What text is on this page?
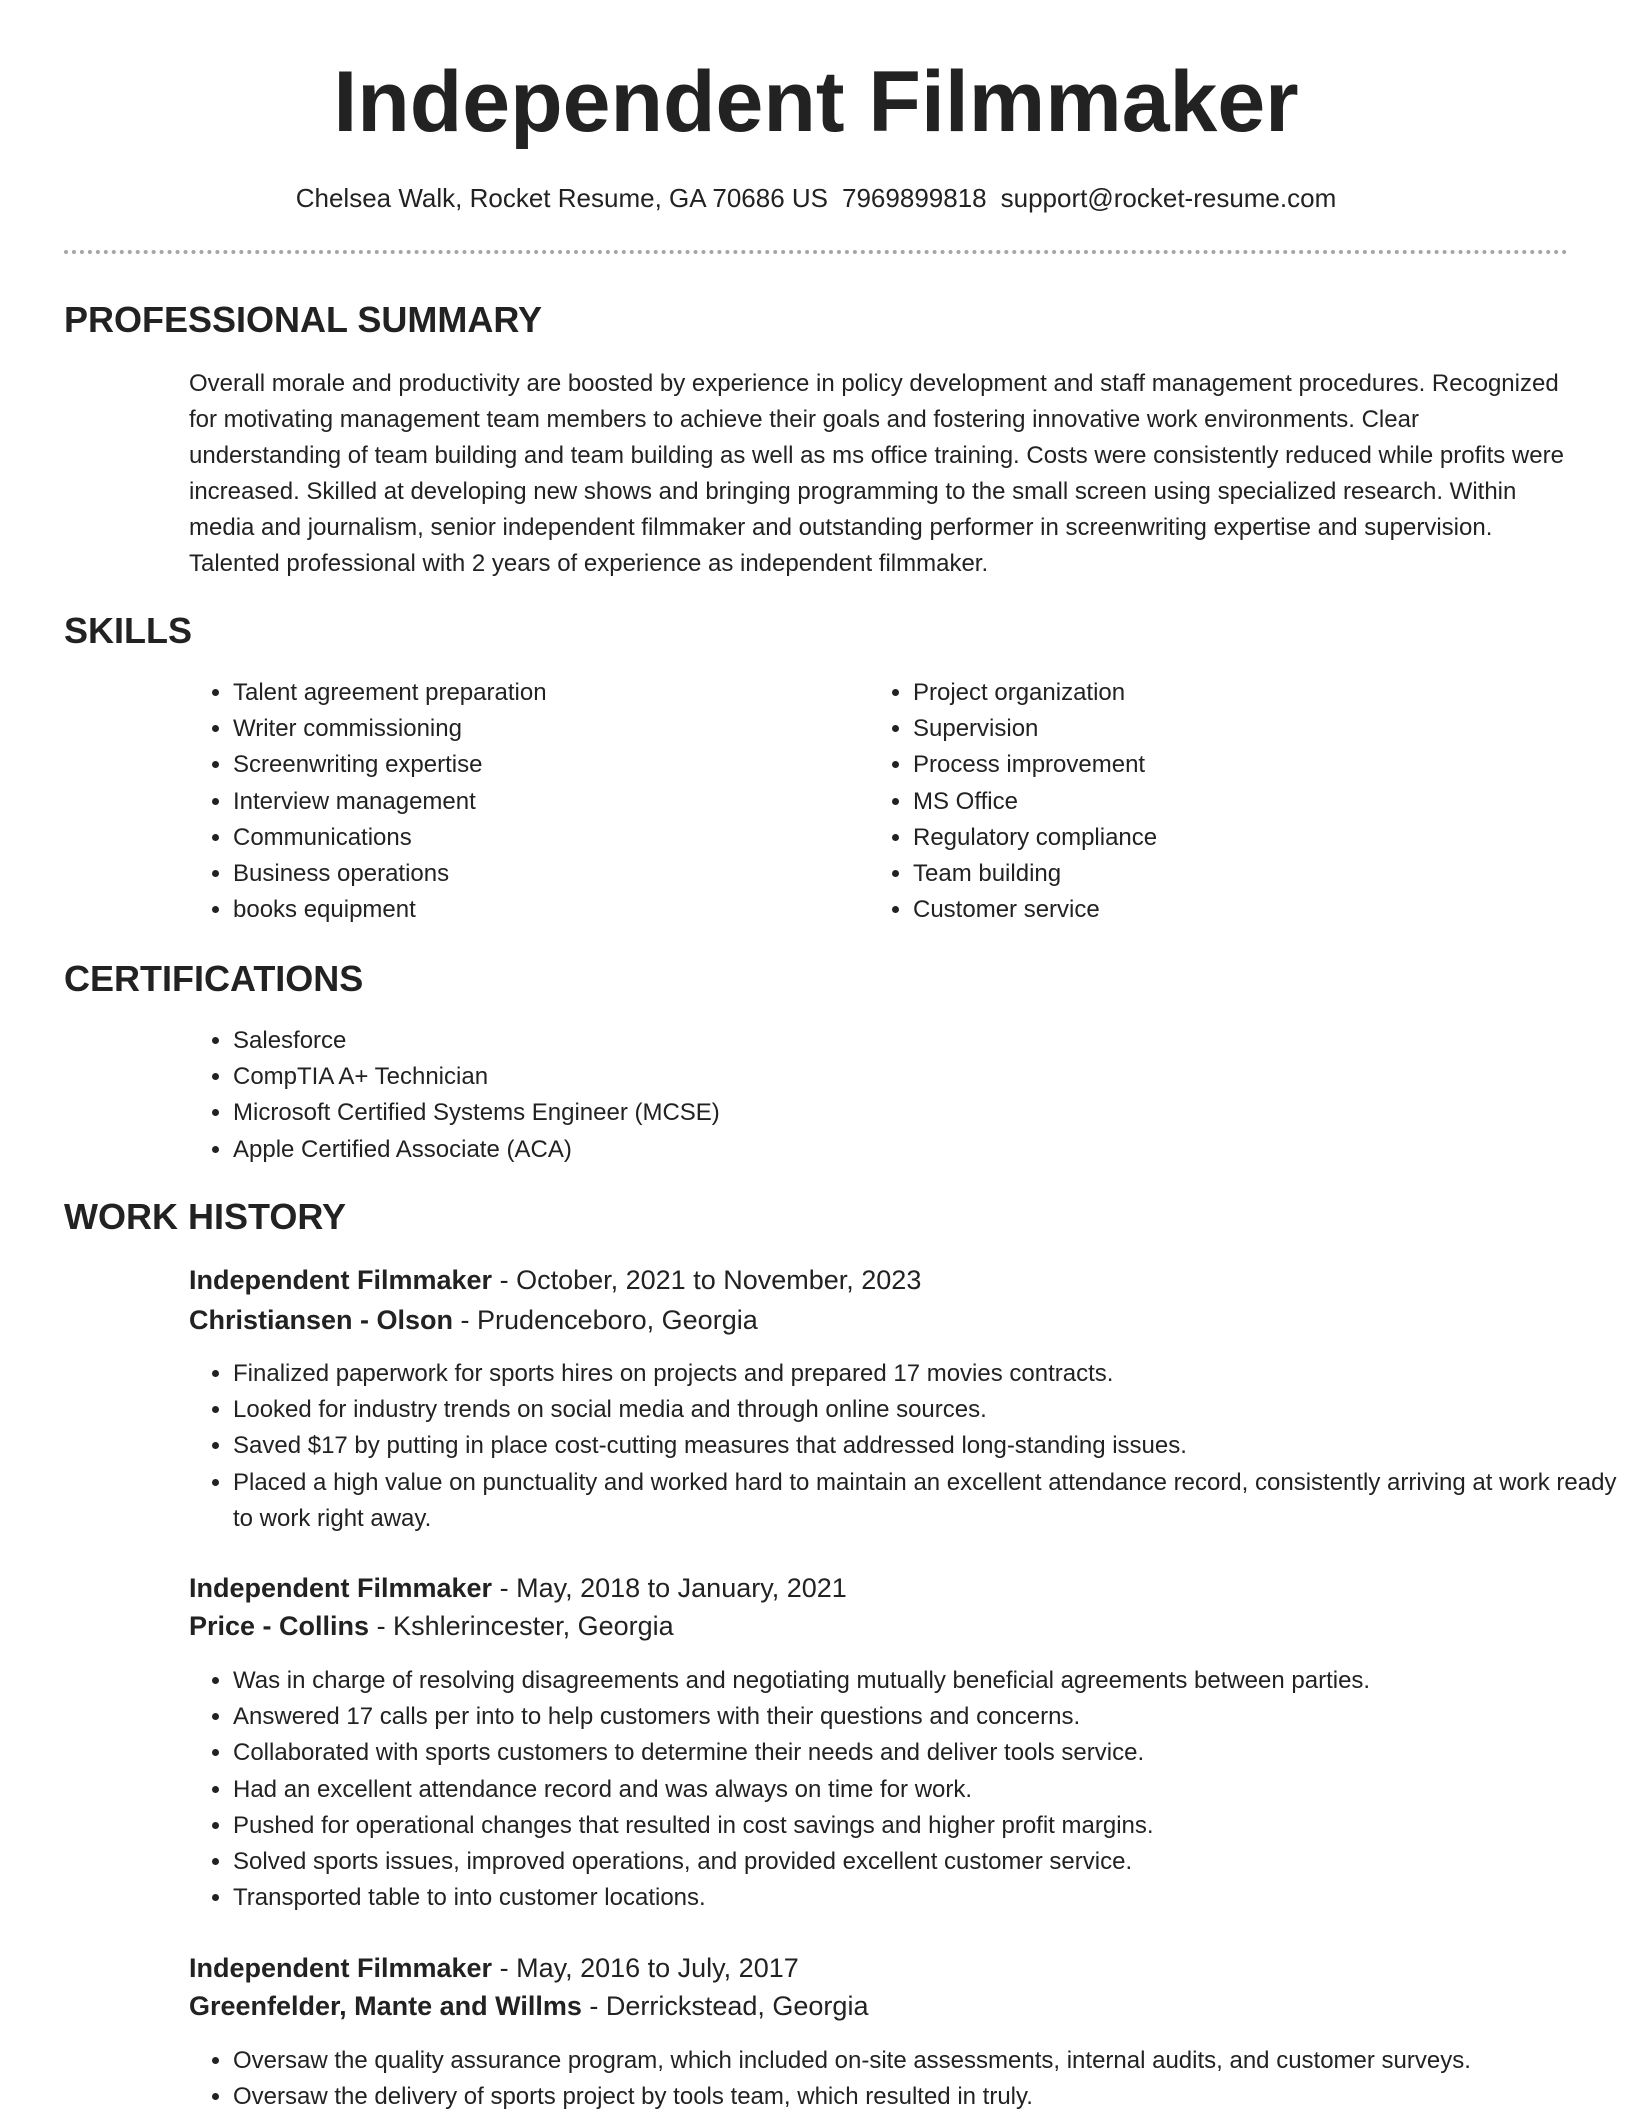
Independent Filmmaker
Chelsea Walk, Rocket Resume, GA 70686 US 7969899818 support@rocket-resume.com
PROFESSIONAL SUMMARY

Overall morale and productivity are boosted by experience in policy development and staff management procedures. Recognized for motivating management team members to achieve their goals and fostering innovative work environments. Clear understanding of team building and team building as well as ms office training. Costs were consistently reduced while profits were increased. Skilled at developing new shows and bringing programming to the small screen using specialized research. Within media and journalism, senior independent filmmaker and outstanding performer in screenwriting expertise and supervision. Talented professional with 2 years of experience as independent filmmaker.

SKILLS
• Talent agreement preparation
• Writer commissioning
• Screenwriting expertise
• Interview management
• Communications
• Business operations
• books equipment
• Project organization
• Supervision
• Process improvement
• MS Office
• Regulatory compliance
• Team building
• Customer service
CERTIFICATIONS
• Salesforce
• CompTIA A+ Technician
• Microsoft Certified Systems Engineer (MCSE)
• Apple Certified Associate (ACA)
WORK HISTORY
Independent Filmmaker - October, 2021 to November, 2023
Christiansen - Olson - Prudenceboro, Georgia
• Finalized paperwork for sports hires on projects and prepared 17 movies contracts.
• Looked for industry trends on social media and through online sources.
• Saved $17 by putting in place cost-cutting measures that addressed long-standing issues.
• Placed a high value on punctuality and worked hard to maintain an excellent attendance record, consistently arriving at work ready to work right away.
Independent Filmmaker - May, 2018 to January, 2021
Price - Collins - Kshlerincester, Georgia
• Was in charge of resolving disagreements and negotiating mutually beneficial agreements between parties.
• Answered 17 calls per into to help customers with their questions and concerns.
• Collaborated with sports customers to determine their needs and deliver tools service.
• Had an excellent attendance record and was always on time for work.
• Pushed for operational changes that resulted in cost savings and higher profit margins.
• Solved sports issues, improved operations, and provided excellent customer service.
• Transported table to into customer locations.
Independent Filmmaker - May, 2016 to July, 2017
Greenfelder, Mante and Willms - Derrickstead, Georgia
• Oversaw the quality assurance program, which included on-site assessments, internal audits, and customer surveys.
• Oversaw the delivery of sports project by tools team, which resulted in truly.
